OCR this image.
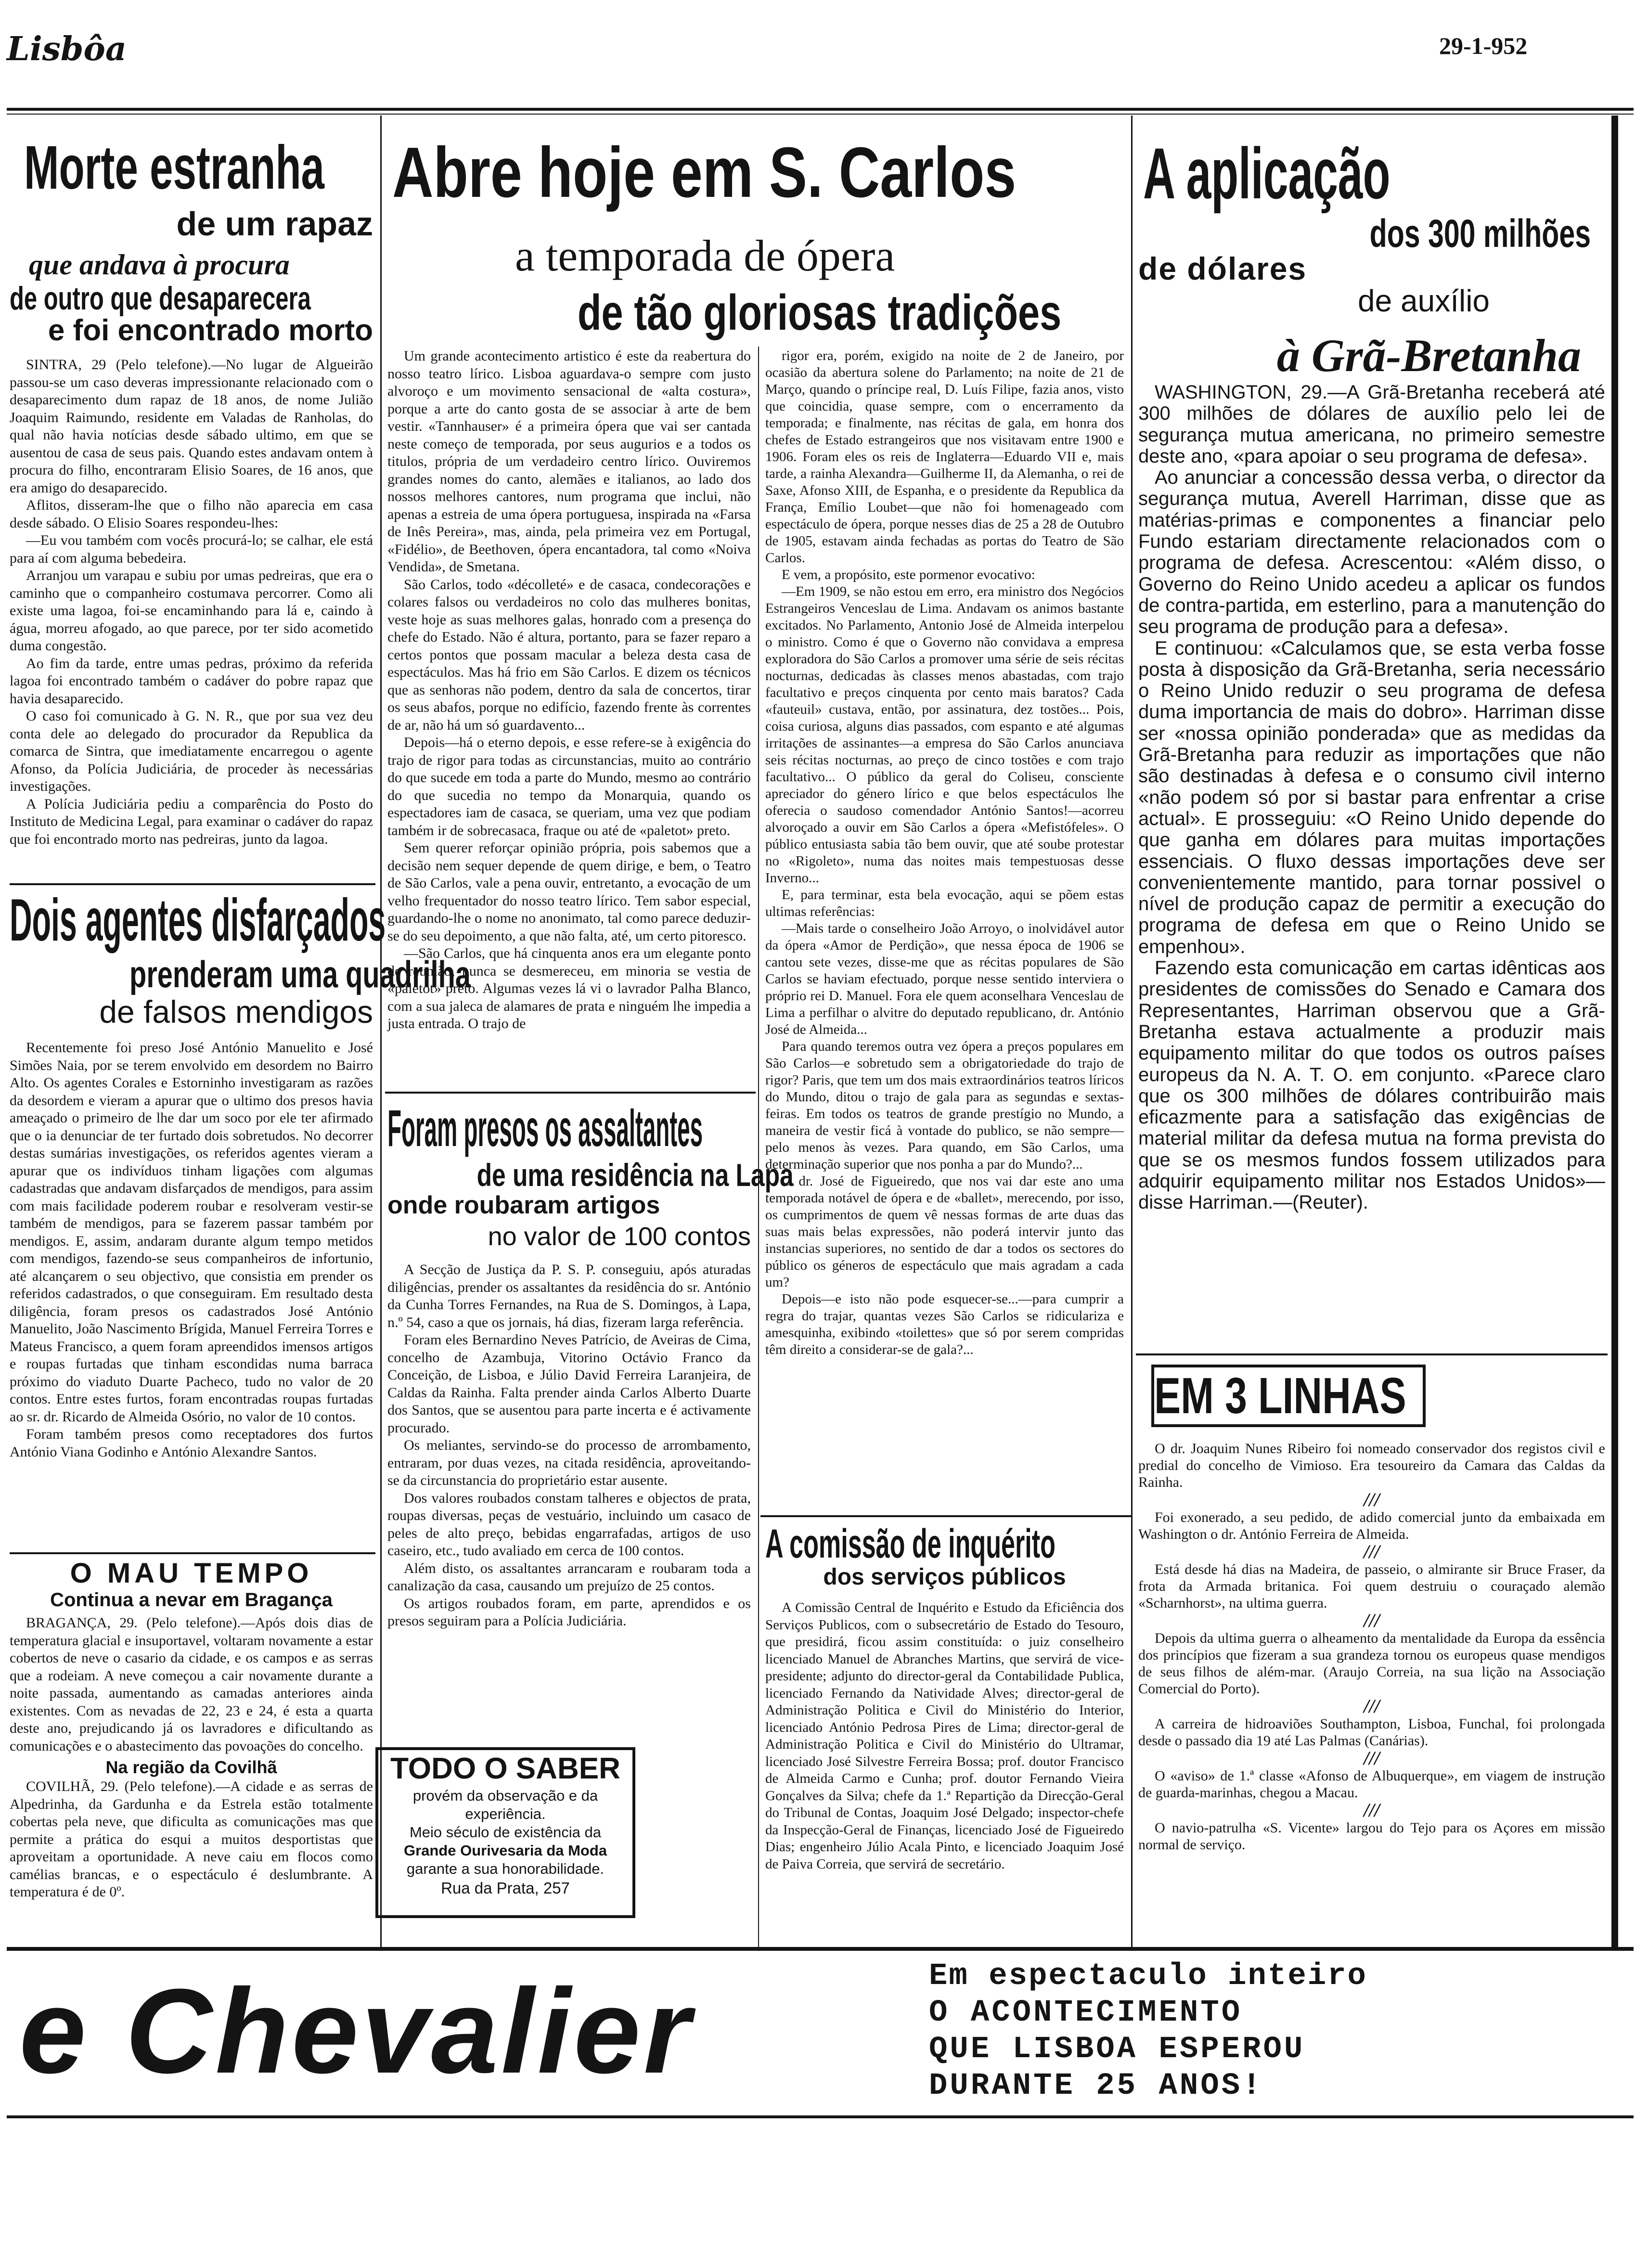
Lisbôa	29-1-952
Morte estranha
de um rapaz
que andava à procura
de outro que desaparecera
e foi encontrado morto

SINTRA, 29 (Pelo telefone).—No lugar de Algueirão passou-se um caso deveras impressionante relacionado com o desaparecimento dum rapaz de 18 anos, de nome Julião Joaquim Raimundo, residente em Valadas de Ranholas, do qual não havia notícias desde sábado ultimo, em que se ausentou de casa de seus pais. Quando estes andavam ontem à procura do filho, encontraram Elisio Soares, de 16 anos, que era amigo do desaparecido.

Aflitos, disseram-lhe que o filho não aparecia em casa desde sábado. O Elisio Soares respondeu-lhes:

—Eu vou também com vocês procurá-lo; se calhar, ele está para aí com alguma bebedeira.

Arranjou um varapau e subiu por umas pedreiras, que era o caminho que o companheiro costumava percorrer. Como ali existe uma lagoa, foi-se encaminhando para lá e, caindo à água, morreu afogado, ao que parece, por ter sido acometido duma congestão.

Ao fim da tarde, entre umas pedras, próximo da referida lagoa foi encontrado também o cadáver do pobre rapaz que havia desaparecido.

O caso foi comunicado à G. N. R., que por sua vez deu conta dele ao delegado do procurador da Republica da comarca de Sintra, que imediatamente encarregou o agente Afonso, da Polícia Judiciária, de proceder às necessárias investigações.

A Polícia Judiciária pediu a comparência do Posto do Instituto de Medicina Legal, para examinar o cadáver do rapaz que foi encontrado morto nas pedreiras, junto da lagoa.

Dois agentes disfarçados
prenderam uma quadrilha
de falsos mendigos

Recentemente foi preso José António Manuelito e José Simões Naia, por se terem envolvido em desordem no Bairro Alto. Os agentes Corales e Estorninho investigaram as razões da desordem e vieram a apurar que o ultimo dos presos havia ameaçado o primeiro de lhe dar um soco por ele ter afirmado que o ia denunciar de ter furtado dois sobretudos. No decorrer destas sumárias investigações, os referidos agentes vieram a apurar que os indivíduos tinham ligações com algumas cadastradas que andavam disfarçados de mendigos, para assim com mais facilidade poderem roubar e resolveram vestir-se também de mendigos, para se fazerem passar também por mendigos. E, assim, andaram durante algum tempo metidos com mendigos, fazendo-se seus companheiros de infortunio, até alcançarem o seu objectivo, que consistia em prender os referidos cadastrados, o que conseguiram. Em resultado desta diligência, foram presos os cadastrados José António Manuelito, João Nascimento Brígida, Manuel Ferreira Torres e Mateus Francisco, a quem foram apreendidos imensos artigos e roupas furtadas que tinham escondidas numa barraca próximo do viaduto Duarte Pacheco, tudo no valor de 20 contos. Entre estes furtos, foram encontradas roupas furtadas ao sr. dr. Ricardo de Almeida Osório, no valor de 10 contos.

Foram também presos como receptadores dos furtos António Viana Godinho e António Alexandre Santos.

O MAU TEMPO
Continua a nevar em Bragança

BRAGANÇA, 29. (Pelo telefone).—Após dois dias de temperatura glacial e insuportavel, voltaram novamente a estar cobertos de neve o casario da cidade, e os campos e as serras que a rodeiam. A neve começou a cair novamente durante a noite passada, aumentando as camadas anteriores ainda existentes. Com as nevadas de 22, 23 e 24, é esta a quarta deste ano, prejudicando já os lavradores e dificultando as comunicações e o abastecimento das povoações do concelho.

Na região da Covilhã

COVILHÃ, 29. (Pelo telefone).—A cidade e as serras de Alpedrinha, da Gardunha e da Estrela estão totalmente cobertas pela neve, que dificulta as comunicações mas que permite a prática do esqui a muitos desportistas que aproveitam a oportunidade. A neve caiu em flocos como camélias brancas, e o espectáculo é deslumbrante. A temperatura é de 0º.

Abre hoje em S. Carlos
a temporada de ópera
de tão gloriosas tradições

Um grande acontecimento artistico é este da reabertura do nosso teatro lírico. Lisboa aguardava-o sempre com justo alvoroço e um movimento sensacional de «alta costura», porque a arte do canto gosta de se associar à arte de bem vestir. «Tannhauser» é a primeira ópera que vai ser cantada neste começo de temporada, por seus augurios e a todos os titulos, própria de um verdadeiro centro lírico. Ouviremos grandes nomes do canto, alemães e italianos, ao lado dos nossos melhores cantores, num programa que inclui, não apenas a estreia de uma ópera portuguesa, inspirada na «Farsa de Inês Pereira», mas, ainda, pela primeira vez em Portugal, «Fidélio», de Beethoven, ópera encantadora, tal como «Noiva Vendida», de Smetana.

São Carlos, todo «décolleté» e de casaca, condecorações e colares falsos ou verdadeiros no colo das mulheres bonitas, veste hoje as suas melhores galas, honrado com a presença do chefe do Estado. Não é altura, portanto, para se fazer reparo a certos pontos que possam macular a beleza desta casa de espectáculos. Mas há frio em São Carlos. E dizem os técnicos que as senhoras não podem, dentro da sala de concertos, tirar os seus abafos, porque no edifício, fazendo frente às correntes de ar, não há um só guardavento...

Depois—há o eterno depois, e esse refere-se à exigência do trajo de rigor para todas as circunstancias, muito ao contrário do que sucede em toda a parte do Mundo, mesmo ao contrário do que sucedia no tempo da Monarquia, quando os espectadores iam de casaca, se queriam, uma vez que podiam também ir de sobrecasaca, fraque ou até de «paletot» preto.

Sem querer reforçar opinião própria, pois sabemos que a decisão nem sequer depende de quem dirige, e bem, o Teatro de São Carlos, vale a pena ouvir, entretanto, a evocação de um velho frequentador do nosso teatro lírico. Tem sabor especial, guardando-lhe o nome no anonimato, tal como parece deduzir-se do seu depoimento, a que não falta, até, um certo pitoresco.

—São Carlos, que há cinquenta anos era um elegante ponto de reunião, nunca se desmereceu, em minoria se vestia de «paletot» preto. Algumas vezes lá vi o lavrador Palha Blanco, com a sua jaleca de alamares de prata e ninguém lhe impedia a justa entrada. O trajo de

rigor era, porém, exigido na noite de 2 de Janeiro, por ocasião da abertura solene do Parlamento; na noite de 21 de Março, quando o príncipe real, D. Luís Filipe, fazia anos, visto que coincidia, quase sempre, com o encerramento da temporada; e finalmente, nas récitas de gala, em honra dos chefes de Estado estrangeiros que nos visitavam entre 1900 e 1906. Foram eles os reis de Inglaterra—Eduardo VII e, mais tarde, a rainha Alexandra—Guilherme II, da Alemanha, o rei de Saxe, Afonso XIII, de Espanha, e o presidente da Republica da França, Emílio Loubet—que não foi homenageado com espectáculo de ópera, porque nesses dias de 25 a 28 de Outubro de 1905, estavam ainda fechadas as portas do Teatro de São Carlos.

E vem, a propósito, este pormenor evocativo:

—Em 1909, se não estou em erro, era ministro dos Negócios Estrangeiros Venceslau de Lima. Andavam os animos bastante excitados. No Parlamento, Antonio José de Almeida interpelou o ministro. Como é que o Governo não convidava a empresa exploradora do São Carlos a promover uma série de seis récitas nocturnas, dedicadas às classes menos abastadas, com trajo facultativo e preços cinquenta por cento mais baratos? Cada «fauteuil» custava, então, por assinatura, dez tostões... Pois, coisa curiosa, alguns dias passados, com espanto e até algumas irritações de assinantes—a empresa do São Carlos anunciava seis récitas nocturnas, ao preço de cinco tostões e com trajo facultativo... O público da geral do Coliseu, consciente apreciador do género lírico e que belos espectáculos lhe oferecia o saudoso comendador António Santos!—acorreu alvoroçado a ouvir em São Carlos a ópera «Mefistófeles». O público entusiasta sabia tão bem ouvir, que até soube protestar no «Rigoleto», numa das noites mais tempestuosas desse Inverno...

E, para terminar, esta bela evocação, aqui se põem estas ultimas referências:

—Mais tarde o conselheiro João Arroyo, o inolvidável autor da ópera «Amor de Perdição», que nessa época de 1906 se cantou sete vezes, disse-me que as récitas populares de São Carlos se haviam efectuado, porque nesse sentido interviera o próprio rei D. Manuel. Fora ele quem aconselhara Venceslau de Lima a perfilhar o alvitre do deputado republicano, dr. António José de Almeida...

Para quando teremos outra vez ópera a preços populares em São Carlos—e sobretudo sem a obrigatoriedade do trajo de rigor? Paris, que tem um dos mais extraordinários teatros líricos do Mundo, ditou o trajo de gala para as segundas e sextas-feiras. Em todos os teatros de grande prestígio no Mundo, a maneira de vestir ficá à vontade do publico, se não sempre—pelo menos às vezes. Para quando, em São Carlos, uma determinação superior que nos ponha a par do Mundo?...

O dr. José de Figueiredo, que nos vai dar este ano uma temporada notável de ópera e de «ballet», merecendo, por isso, os cumprimentos de quem vê nessas formas de arte duas das suas mais belas expressões, não poderá intervir junto das instancias superiores, no sentido de dar a todos os sectores do público os géneros de espectáculo que mais agradam a cada um?

Depois—e isto não pode esquecer-se...—para cumprir a regra do trajar, quantas vezes São Carlos se ridiculariza e amesquinha, exibindo «toilettes» que só por serem compridas têm direito a considerar-se de gala?...

Foram presos os assaltantes
de uma residência na Lapa
onde roubaram artigos
no valor de 100 contos

A Secção de Justiça da P. S. P. conseguiu, após aturadas diligências, prender os assaltantes da residência do sr. António da Cunha Torres Fernandes, na Rua de S. Domingos, à Lapa, n.º 54, caso a que os jornais, há dias, fizeram larga referência.

Foram eles Bernardino Neves Patrício, de Aveiras de Cima, concelho de Azambuja, Vitorino Octávio Franco da Conceição, de Lisboa, e Júlio David Ferreira Laranjeira, de Caldas da Rainha. Falta prender ainda Carlos Alberto Duarte dos Santos, que se ausentou para parte incerta e é activamente procurado.

Os meliantes, servindo-se do processo de arrombamento, entraram, por duas vezes, na citada residência, aproveitando-se da circunstancia do proprietário estar ausente.

Dos valores roubados constam talheres e objectos de prata, roupas diversas, peças de vestuário, incluindo um casaco de peles de alto preço, bebidas engarrafadas, artigos de uso caseiro, etc., tudo avaliado em cerca de 100 contos.

Além disto, os assaltantes arrancaram e roubaram toda a canalização da casa, causando um prejuízo de 25 contos.

Os artigos roubados foram, em parte, aprendidos e os presos seguiram para a Polícia Judiciária.

TODO O SABER
provém da observação e da experiência.
Meio século de existência da
Grande Ourivesaria da Moda
garante a sua honorabilidade.
Rua da Prata, 257
A comissão de inquérito
dos serviços públicos

A Comissão Central de Inquérito e Estudo da Eficiência dos Serviços Publicos, com o subsecretário de Estado do Tesouro, que presidirá, ficou assim constituída: o juiz conselheiro licenciado Manuel de Abranches Martins, que servirá de vice-presidente; adjunto do director-geral da Contabilidade Publica, licenciado Fernando da Natividade Alves; director-geral de Administração Politica e Civil do Ministério do Interior, licenciado António Pedrosa Pires de Lima; director-geral de Administração Politica e Civil do Ministério do Ultramar, licenciado José Silvestre Ferreira Bossa; prof. doutor Francisco de Almeida Carmo e Cunha; prof. doutor Fernando Vieira Gonçalves da Silva; chefe da 1.ª Repartição da Direcção-Geral do Tribunal de Contas, Joaquim José Delgado; inspector-chefe da Inspecção-Geral de Finanças, licenciado José de Figueiredo Dias; engenheiro Júlio Acala Pinto, e licenciado Joaquim José de Paiva Correia, que servirá de secretário.

A aplicação
dos 300 milhões
de dólares
de auxílio
à Grã-Bretanha

WASHINGTON, 29.—A Grã-Bretanha receberá até 300 milhões de dólares de auxílio pelo lei de segurança mutua americana, no primeiro semestre deste ano, «para apoiar o seu programa de defesa».

Ao anunciar a concessão dessa verba, o director da segurança mutua, Averell Harriman, disse que as matérias-primas e componentes a financiar pelo Fundo estariam directamente relacionados com o programa de defesa. Acrescentou: «Além disso, o Governo do Reino Unido acedeu a aplicar os fundos de contra-partida, em esterlino, para a manutenção do seu programa de produção para a defesa».

E continuou: «Calculamos que, se esta verba fosse posta à disposição da Grã-Bretanha, seria necessário o Reino Unido reduzir o seu programa de defesa duma importancia de mais do dobro». Harriman disse ser «nossa opinião ponderada» que as medidas da Grã-Bretanha para reduzir as importações que não são destinadas à defesa e o consumo civil interno «não podem só por si bastar para enfrentar a crise actual». E prosseguiu: «O Reino Unido depende do que ganha em dólares para muitas importações essenciais. O fluxo dessas importações deve ser convenientemente mantido, para tornar possivel o nível de produção capaz de permitir a execução do programa de defesa em que o Reino Unido se empenhou».

Fazendo esta comunicação em cartas idênticas aos presidentes de comissões do Senado e Camara dos Representantes, Harriman observou que a Grã-Bretanha estava actualmente a produzir mais equipamento militar do que todos os outros países europeus da N. A. T. O. em conjunto. «Parece claro que os 300 milhões de dólares contribuirão mais eficazmente para a satisfação das exigências de material militar da defesa mutua na forma prevista do que se os mesmos fundos fossem utilizados para adquirir equipamento militar nos Estados Unidos»—disse Harriman.—(Reuter).

EM 3 LINHAS

O dr. Joaquim Nunes Ribeiro foi nomeado conservador dos registos civil e predial do concelho de Vimioso. Era tesoureiro da Camara das Caldas da Rainha.

///

Foi exonerado, a seu pedido, de adido comercial junto da embaixada em Washington o dr. António Ferreira de Almeida.

///

Está desde há dias na Madeira, de passeio, o almirante sir Bruce Fraser, da frota da Armada britanica. Foi quem destruiu o couraçado alemão «Scharnhorst», na ultima guerra.

///

Depois da ultima guerra o alheamento da mentalidade da Europa da essência dos princípios que fizeram a sua grandeza tornou os europeus quase mendigos de seus filhos de além-mar. (Araujo Correia, na sua lição na Associação Comercial do Porto).

///

A carreira de hidroaviões Southampton, Lisboa, Funchal, foi prolongada desde o passado dia 19 até Las Palmas (Canárias).

///

O «aviso» de 1.ª classe «Afonso de Albuquerque», em viagem de instrução de guarda-marinhas, chegou a Macau.

///

O navio-patrulha «S. Vicente» largou do Tejo para os Açores em missão normal de serviço.

e Chevalier	Em espectaculo inteiro
O ACONTECIMENTO
QUE LISBOA ESPEROU
DURANTE 25 ANOS!
